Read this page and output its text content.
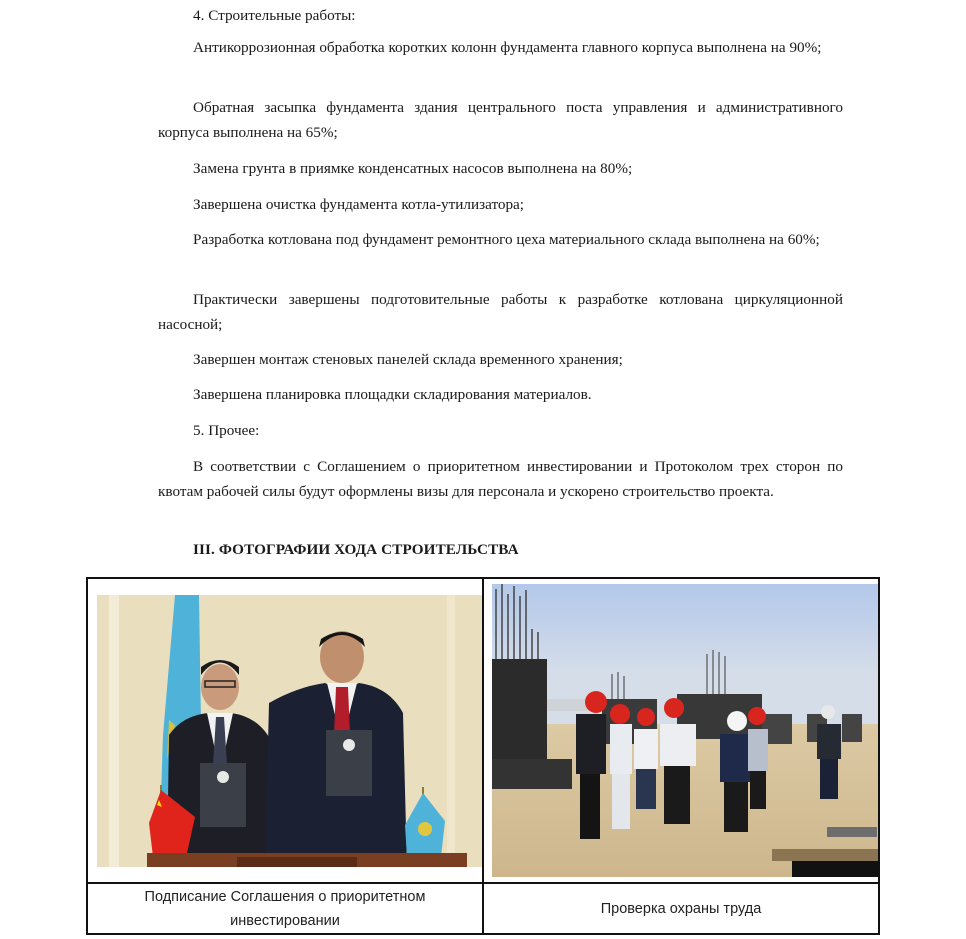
4. Строительные работы:

Антикоррозионная обработка коротких колонн фундамента главного корпуса выполнена на 90%;

Обратная засыпка фундамента здания центрального поста управления и административного корпуса выполнена на 65%;

Замена грунта в приямке конденсатных насосов выполнена на 80%;

Завершена очистка фундамента котла-утилизатора;

Разработка котлована под фундамент ремонтного цеха материального склада выполнена на 60%;

Практически завершены подготовительные работы к разработке котлована циркуляционной насосной;

Завершен монтаж стеновых панелей склада временного хранения;

Завершена планировка площадки складирования материалов.

5. Прочее:

В соответствии с Соглашением о приоритетном инвестировании и Протоколом трех сторон по квотам рабочей силы будут оформлены визы для персонала и ускорено строительство проекта.

III. ФОТОГРАФИИ ХОДА СТРОИТЕЛЬСТВА

Подписание Соглашения о приоритетном инвестировании	Проверка охраны труда
